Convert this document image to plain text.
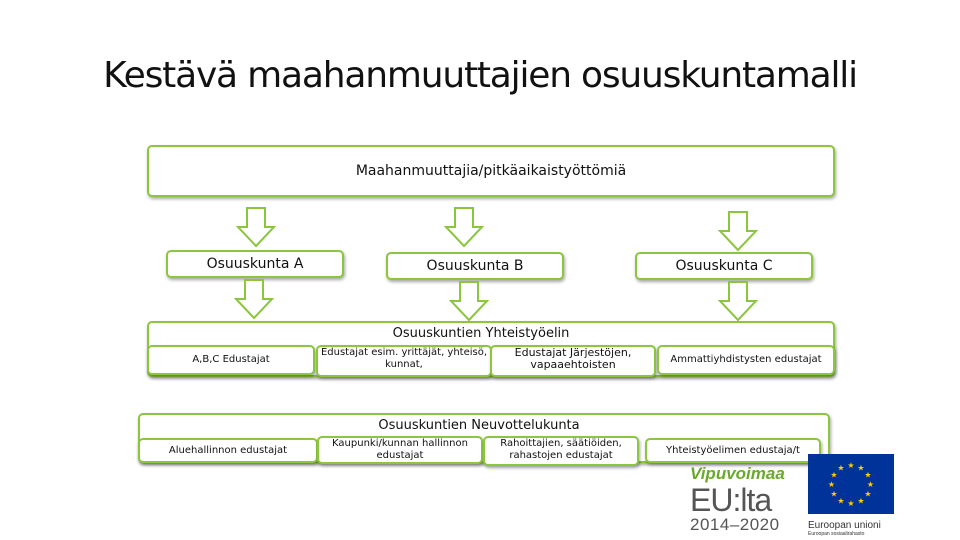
Kestävä maahanmuuttajien osuuskuntamalli
Maahanmuuttajia/pitkäaikaistyöttömiä
Osuuskunta A	Osuuskunta B	Osuuskunta C
Osuuskuntien Yhteistyöelin
A,B,C Edustajat
Edustajat esim. yrittäjät, yhteisö, kunnat,
Edustajat Järjestöjen, vapaaehtoisten	Ammattiyhdistysten edustajat
Osuuskuntien Neuvottelukunta
Aluehallinnon edustajat
Kaupunki/kunnan hallinnon edustajat
Rahoittajien, säätiöiden, rahastojen edustajat	Yhteistyöelimen edustaja/t
Vipuvoimaa
EU:lta
2014–2020
★ ★
★
★
★
★
★
★
★
★
★
★
Euroopan unioni
Euroopan sosiaalirahasto
